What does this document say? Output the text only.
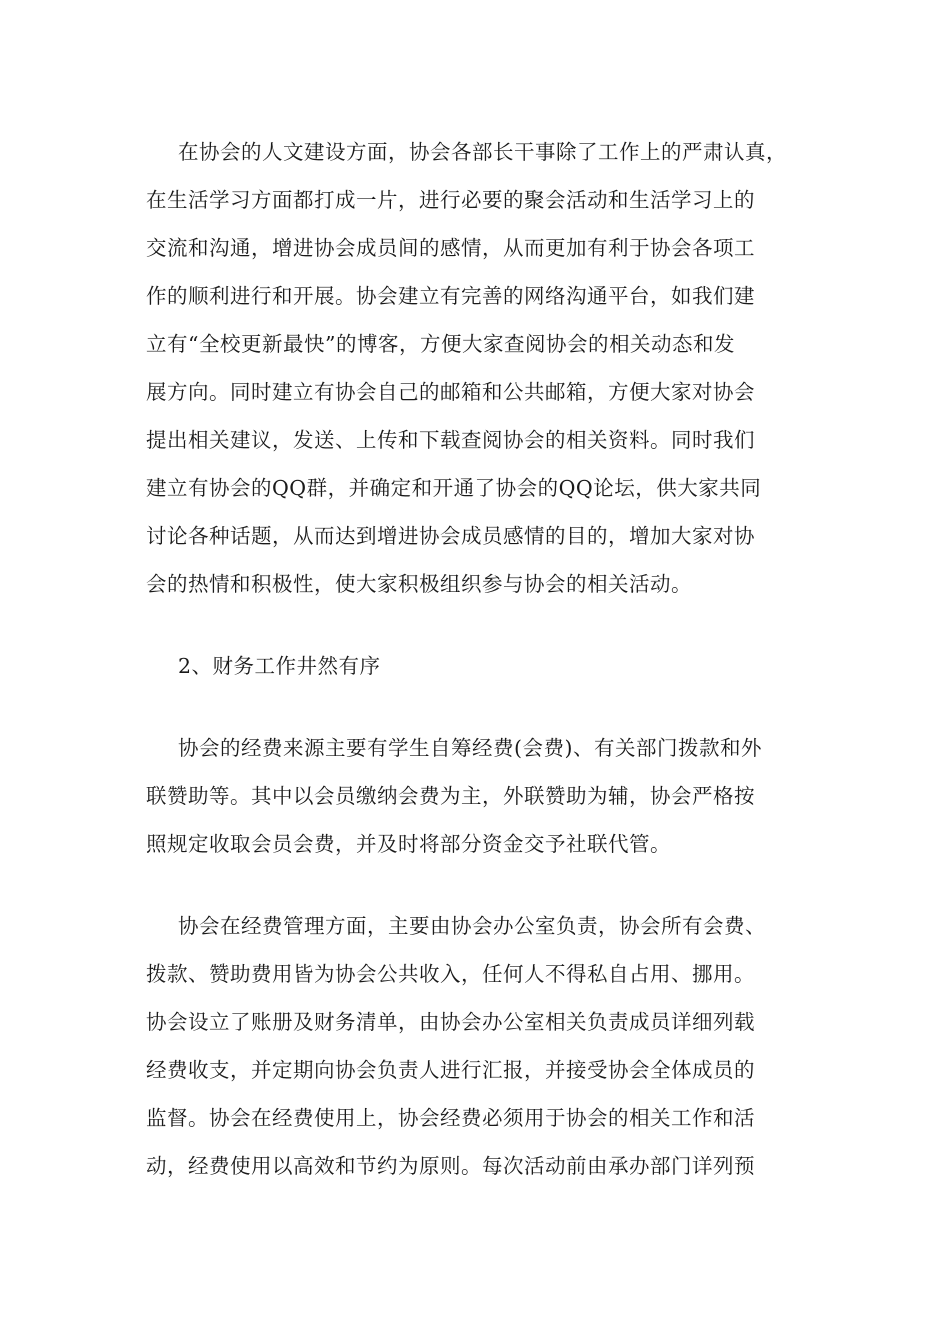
在协会的人文建设方面，协会各部长干事除了工作上的严肃认真，
在生活学习方面都打成一片，进行必要的聚会活动和生活学习上的
交流和沟通，增进协会成员间的感情，从而更加有利于协会各项工
作的顺利进行和开展。协会建立有完善的网络沟通平台，如我们建
立有“全校更新最快”的博客，方便大家查阅协会的相关动态和发
展方向。同时建立有协会自己的邮箱和公共邮箱，方便大家对协会
提出相关建议，发送、上传和下载查阅协会的相关资料。同时我们
建立有协会的QQ群，并确定和开通了协会的QQ论坛，供大家共同
讨论各种话题，从而达到增进协会成员感情的目的，增加大家对协
会的热情和积极性，使大家积极组织参与协会的相关活动。
2、财务工作井然有序
协会的经费来源主要有学生自筹经费(会费)、有关部门拨款和外
联赞助等。其中以会员缴纳会费为主，外联赞助为辅，协会严格按
照规定收取会员会费，并及时将部分资金交予社联代管。
协会在经费管理方面，主要由协会办公室负责，协会所有会费、
拨款、赞助费用皆为协会公共收入，任何人不得私自占用、挪用。
协会设立了账册及财务清单，由协会办公室相关负责成员详细列载
经费收支，并定期向协会负责人进行汇报，并接受协会全体成员的
监督。协会在经费使用上，协会经费必须用于协会的相关工作和活
动，经费使用以高效和节约为原则。每次活动前由承办部门详列预
